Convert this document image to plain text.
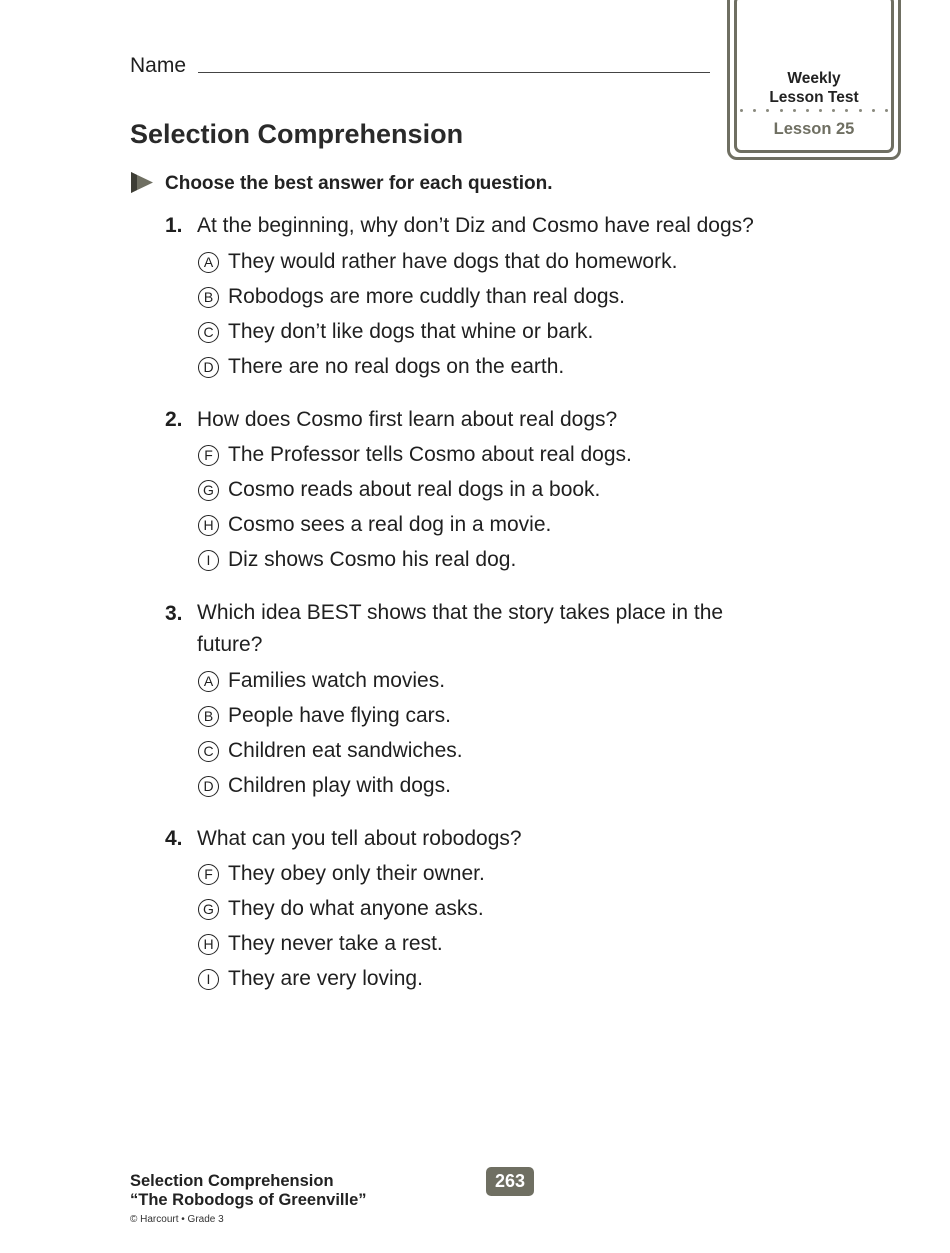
Name
Weekly
Lesson Test
Lesson 25
Selection Comprehension
Choose the best answer for each question.
1. At the beginning, why don’t Diz and Cosmo have real dogs?
A They would rather have dogs that do homework.
B Robodogs are more cuddly than real dogs.
C They don’t like dogs that whine or bark.
D There are no real dogs on the earth.
2. How does Cosmo first learn about real dogs?
F The Professor tells Cosmo about real dogs.
G Cosmo reads about real dogs in a book.
H Cosmo sees a real dog in a movie.
I Diz shows Cosmo his real dog.
3. Which idea BEST shows that the story takes place in the future?
A Families watch movies.
B People have flying cars.
C Children eat sandwiches.
D Children play with dogs.
4. What can you tell about robodogs?
F They obey only their owner.
G They do what anyone asks.
H They never take a rest.
I They are very loving.
Selection Comprehension
“The Robodogs of Greenville”
© Harcourt • Grade 3
263
